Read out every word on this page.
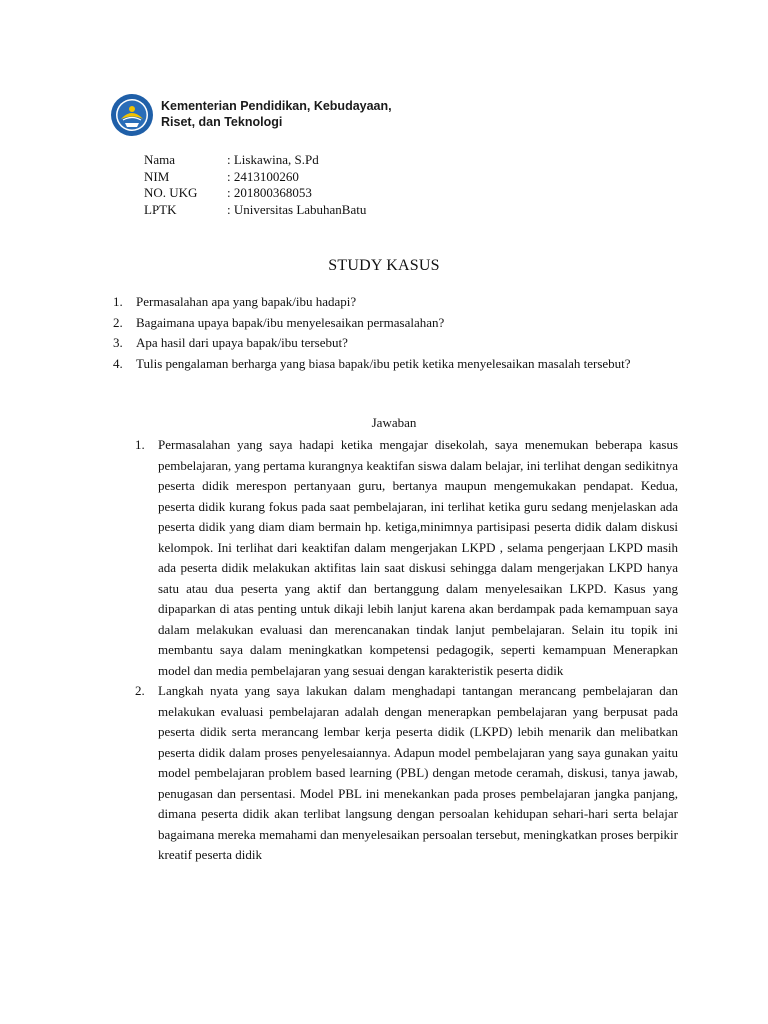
Kementerian Pendidikan, Kebudayaan,
Riset, dan Teknologi
Nama	: Liskawina, S.Pd
NIM	: 2413100260
NO. UKG	: 201800368053
LPTK	: Universitas LabuhanBatu
STUDY KASUS
1.	Permasalahan apa yang bapak/ibu hadapi?
2.	Bagaimana upaya bapak/ibu menyelesaikan permasalahan?
3.	Apa hasil dari upaya bapak/ibu tersebut?
4.	Tulis pengalaman berharga yang biasa bapak/ibu petik ketika menyelesaikan masalah tersebut?
Jawaban
1.	Permasalahan yang saya hadapi ketika mengajar disekolah, saya menemukan beberapa kasus pembelajaran, yang pertama kurangnya keaktifan siswa dalam belajar, ini terlihat dengan sedikitnya peserta didik merespon pertanyaan guru, bertanya maupun mengemukakan pendapat. Kedua, peserta didik kurang fokus pada saat pembelajaran, ini terlihat ketika guru sedang menjelaskan ada peserta didik yang diam diam bermain hp. ketiga,minimnya partisipasi peserta didik dalam diskusi kelompok. Ini terlihat dari keaktifan dalam mengerjakan LKPD , selama pengerjaan LKPD masih ada peserta didik melakukan aktifitas lain saat diskusi sehingga dalam mengerjakan LKPD hanya satu atau dua peserta yang aktif dan bertanggung dalam menyelesaikan LKPD. Kasus yang dipaparkan di atas penting untuk dikaji lebih lanjut karena akan berdampak pada kemampuan saya dalam melakukan evaluasi dan merencanakan tindak lanjut pembelajaran. Selain itu topik ini membantu saya dalam meningkatkan kompetensi pedagogik, seperti kemampuan Menerapkan model dan media pembelajaran yang sesuai dengan karakteristik peserta didik
2.	Langkah nyata yang saya lakukan dalam menghadapi tantangan merancang pembelajaran dan melakukan evaluasi pembelajaran adalah dengan menerapkan pembelajaran yang berpusat pada peserta didik serta merancang lembar kerja peserta didik (LKPD) lebih menarik dan melibatkan peserta didik dalam proses penyelesaiannya. Adapun model pembelajaran yang saya gunakan yaitu model pembelajaran problem based learning (PBL) dengan metode ceramah, diskusi, tanya jawab, penugasan dan persentasi. Model PBL ini menekankan pada proses pembelajaran jangka panjang, dimana peserta didik akan terlibat langsung dengan persoalan kehidupan sehari-hari serta belajar bagaimana mereka memahami dan menyelesaikan persoalan tersebut, meningkatkan proses berpikir kreatif peserta didik
